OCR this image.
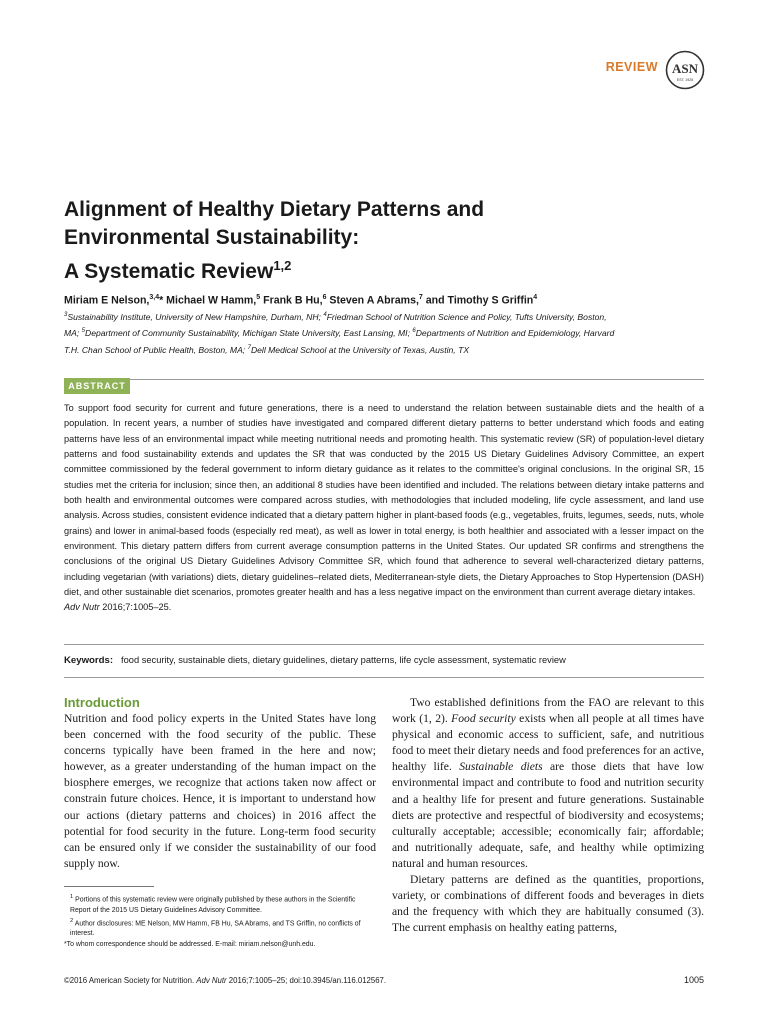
REVIEW ASN
EST. 1928
Alignment of Healthy Dietary Patterns and
Environmental Sustainability:
A Systematic Review$^{1,2}$
Miriam E Nelson,$^{3,4}$* Michael W Hamm,$^5$ Frank B Hu,$^6$ Steven A Abrams,$^7$ and Timothy S Griffin$^4$

$^3$Sustainability Institute, University of New Hampshire, Durham, NH; $^4$Friedman School of Nutrition Science and Policy, Tufts University, Boston,

MA; $^5$Department of Community Sustainability, Michigan State University, East Lansing, MI; $^6$Departments of Nutrition and Epidemiology, Harvard

T.H. Chan School of Public Health, Boston, MA; $^7$Dell Medical School at the University of Texas, Austin, TX

ABSTRACT

To support food security for current and future generations, there is a need to understand the relation between sustainable diets and the health of a population. In recent years, a number of studies have investigated and compared different dietary patterns to better understand which foods and eating patterns have less of an environmental impact while meeting nutritional needs and promoting health. This systematic review (SR) of population-level dietary patterns and food sustainability extends and updates the SR that was conducted by the 2015 US Dietary Guidelines Advisory Committee, an expert committee commissioned by the federal government to inform dietary guidance as it relates to the committee's original conclusions. In the original SR, 15 studies met the criteria for inclusion; since then, an additional 8 studies have been identified and included. The relations between dietary intake patterns and both health and environmental outcomes were compared across studies, with methodologies that included modeling, life cycle assessment, and land use analysis. Across studies, consistent evidence indicated that a dietary pattern higher in plant-based foods (e.g., vegetables, fruits, legumes, seeds, nuts, whole grains) and lower in animal-based foods (especially red meat), as well as lower in total energy, is both healthier and associated with a lesser impact on the environment. This dietary pattern differs from current average consumption patterns in the United States. Our updated SR confirms and strengthens the conclusions of the original US Dietary Guidelines Advisory Committee SR, which found that adherence to several well-characterized dietary patterns, including vegetarian (with variations) diets, dietary guidelines–related diets, Mediterranean-style diets, the Dietary Approaches to Stop Hypertension (DASH) diet, and other sustainable diet scenarios, promotes greater health and has a less negative impact on the environment than current average dietary intakes.
Adv Nutr 2016;7:1005–25.

Keywords: food security, sustainable diets, dietary guidelines, dietary patterns, life cycle assessment, systematic review
Introduction

Nutrition and food policy experts in the United States have long been concerned with the food security of the public. These concerns typically have been framed in the here and now; however, as a greater understanding of the human impact on the biosphere emerges, we recognize that actions taken now affect or constrain future choices. Hence, it is important to understand how our actions (dietary patterns and choices) in 2016 affect the potential for food security in the future. Long-term food security can be ensured only if we consider the sustainability of our food supply now.

$^1$ Portions of this systematic review were originally published by these authors in the Scientific Report of the 2015 US Dietary Guidelines Advisory Committee.

$^2$ Author disclosures: ME Nelson, MW Hamm, FB Hu, SA Abrams, and TS Griffin, no conflicts of interest.

*To whom correspondence should be addressed. E-mail: miriam.nelson@unh.edu.

Two established definitions from the FAO are relevant to this work (1, 2). Food security exists when all people at all times have physical and economic access to sufficient, safe, and nutritious food to meet their dietary needs and food preferences for an active, healthy life. Sustainable diets are those diets that have low environmental impact and contribute to food and nutrition security and a healthy life for present and future generations. Sustainable diets are protective and respectful of biodiversity and ecosystems; culturally acceptable; accessible; economically fair; affordable; and nutritionally adequate, safe, and healthy while optimizing natural and human resources.

Dietary patterns are defined as the quantities, proportions, variety, or combinations of different foods and beverages in diets and the frequency with which they are habitually consumed (3). The current emphasis on healthy eating patterns,

©2016 American Society for Nutrition. Adv Nutr 2016;7:1005–25; doi:10.3945/an.116.012567.	1005
